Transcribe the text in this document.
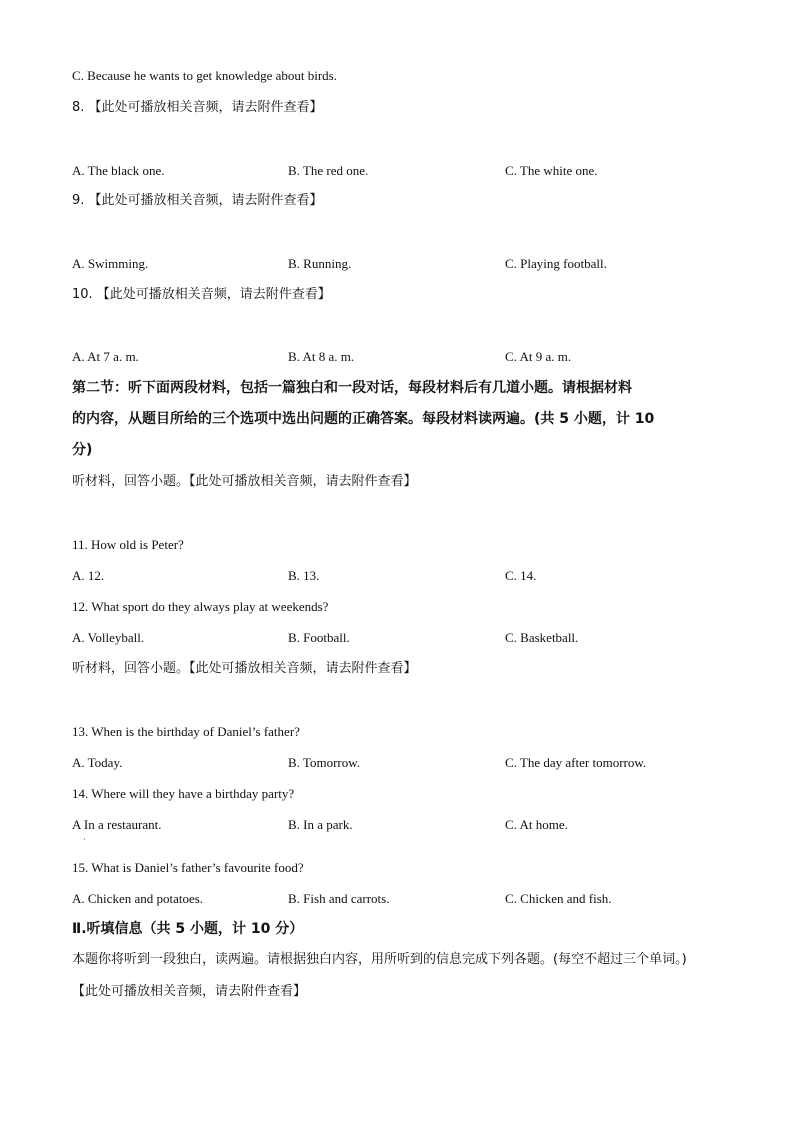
C. Because he wants to get knowledge about birds.
8. 【此处可播放相关音频，请去附件查看】
A. The black one.	B. The red one.	C. The white one.
9. 【此处可播放相关音频，请去附件查看】
A. Swimming.	B. Running.	C. Playing football.
10. 【此处可播放相关音频，请去附件查看】
A. At 7 a. m.	B. At 8 a. m.	C. At 9 a. m.
第二节：听下面两段材料，包括一篇独白和一段对话，每段材料后有几道小题。请根据材料
的内容，从题目所给的三个选项中选出问题的正确答案。每段材料读两遍。(共 5 小题，计 10
分)
听材料，回答小题。【此处可播放相关音频，请去附件查看】
11. How old is Peter?
A. 12.	B. 13.	C. 14.
12. What sport do they always play at weekends?
A. Volleyball.	B. Football.	C. Basketball.
听材料，回答小题。【此处可播放相关音频，请去附件查看】
13. When is the birthday of Daniel’s father?
A. Today.	B. Tomorrow.	C. The day after tomorrow.
14. Where will they have a birthday party?
A In a restaurant.
·
B. In a park.	C. At home.
15. What is Daniel’s father’s favourite food?
A. Chicken and potatoes.	B. Fish and carrots.	C. Chicken and fish.
Ⅱ.听填信息（共 5 小题，计 10 分）
本题你将听到一段独白，读两遍。请根据独白内容，用所听到的信息完成下列各题。(每空不超过三个单词。)
【此处可播放相关音频，请去附件查看】
